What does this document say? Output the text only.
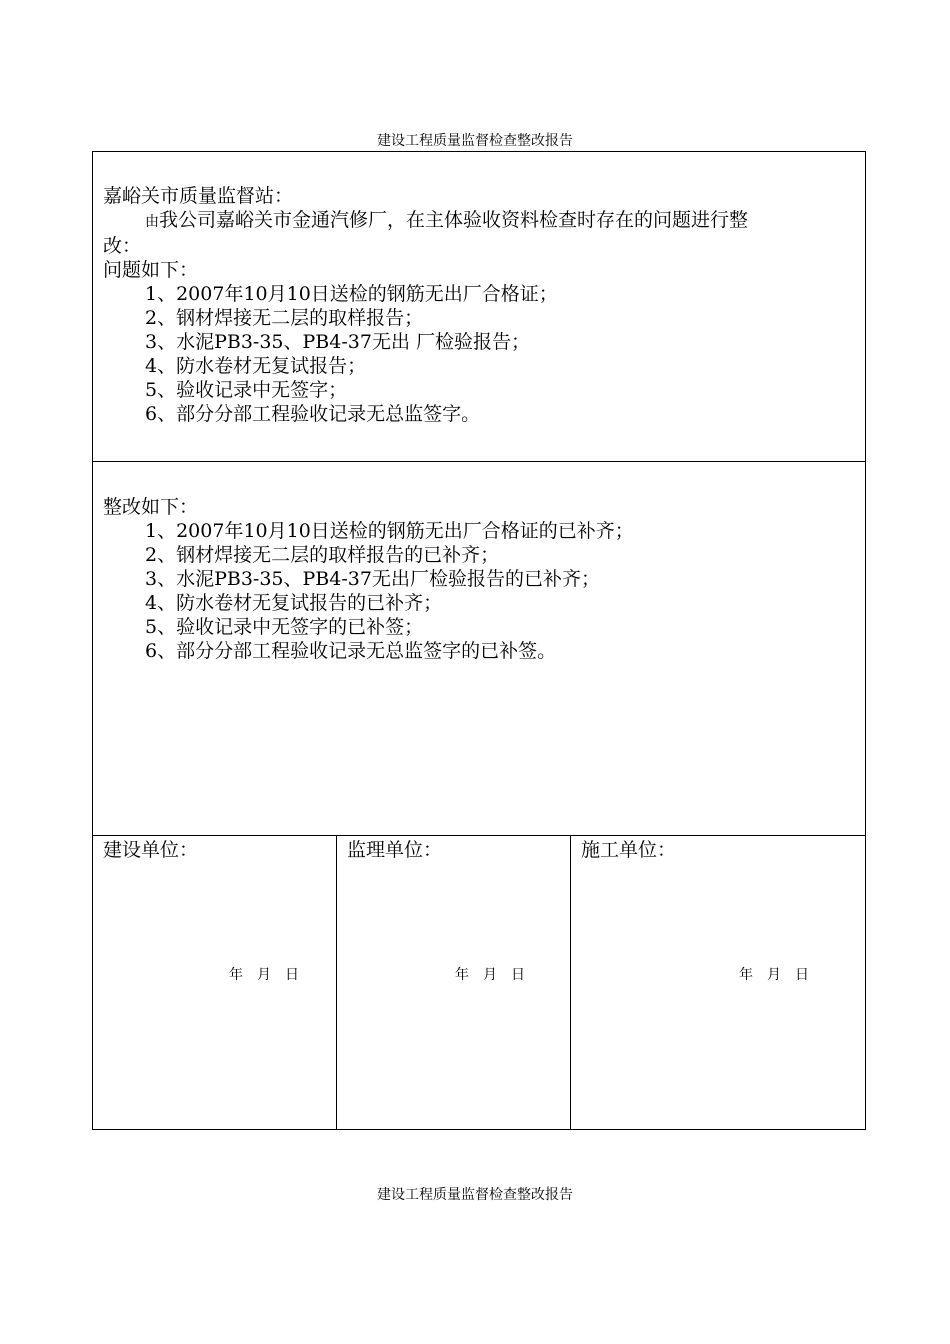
建设工程质量监督检查整改报告
嘉峪关市质量监督站：
由我公司嘉峪关市金通汽修厂，在主体验收资料检查时存在的问题进行整
改：
问题如下：
1、2007年10月10日送检的钢筋无出厂合格证；
2、钢材焊接无二层的取样报告；
3、水泥PB3-35、PB4-37无出 厂检验报告；
4、防水卷材无复试报告；
5、验收记录中无签字；
6、部分分部工程验收记录无总监签字。
整改如下：
1、2007年10月10日送检的钢筋无出厂合格证的已补齐；
2、钢材焊接无二层的取样报告的已补齐；
3、水泥PB3-35、PB4-37无出厂检验报告的已补齐；
4、防水卷材无复试报告的已补齐；
5、验收记录中无签字的已补签；
6、部分分部工程验收记录无总监签字的已补签。
建设单位：
年 月 日
监理单位：
年 月 日
施工单位：
年 月 日
建设工程质量监督检查整改报告
